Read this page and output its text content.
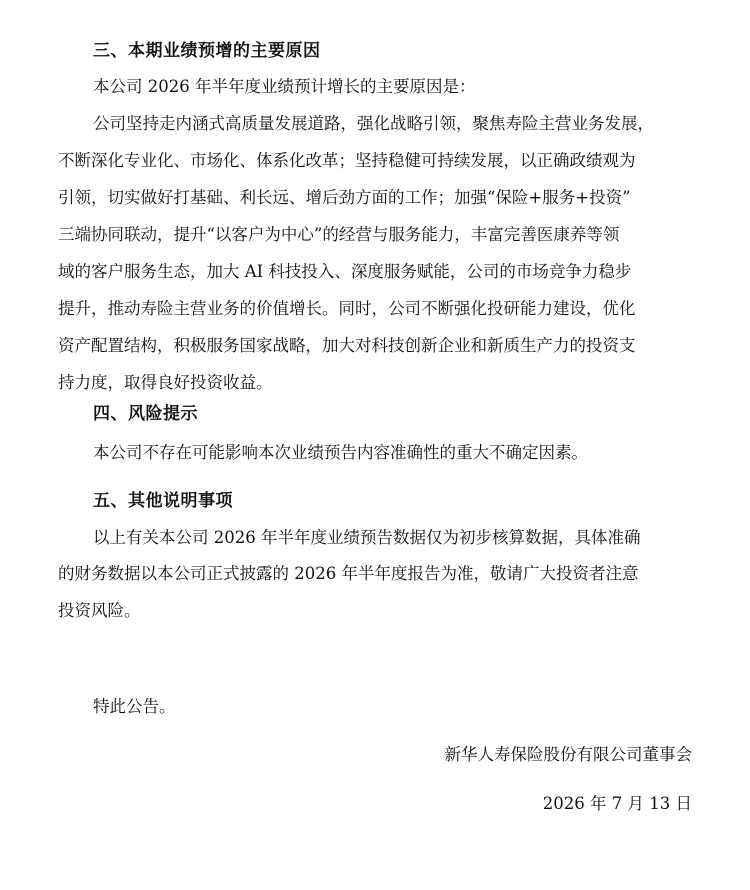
三、本期业绩预增的主要原因
本公司 2026 年半年度业绩预计增长的主要原因是：
公司坚持走内涵式高质量发展道路，强化战略引领，聚焦寿险主营业务发展，
不断深化专业化、市场化、体系化改革；坚持稳健可持续发展，以正确政绩观为
引领，切实做好打基础、利长远、增后劲方面的工作；加强“保险+服务+投资”
三端协同联动，提升“以客户为中心”的经营与服务能力，丰富完善医康养等领
域的客户服务生态，加大 AI 科技投入、深度服务赋能，公司的市场竞争力稳步
提升，推动寿险主营业务的价值增长。同时，公司不断强化投研能力建设，优化
资产配置结构，积极服务国家战略，加大对科技创新企业和新质生产力的投资支
持力度，取得良好投资收益。
四、风险提示
本公司不存在可能影响本次业绩预告内容准确性的重大不确定因素。
五、其他说明事项
以上有关本公司 2026 年半年度业绩预告数据仅为初步核算数据，具体准确
的财务数据以本公司正式披露的 2026 年半年度报告为准，敬请广大投资者注意
投资风险。
特此公告。
新华人寿保险股份有限公司董事会
2026 年 7 月 13 日
